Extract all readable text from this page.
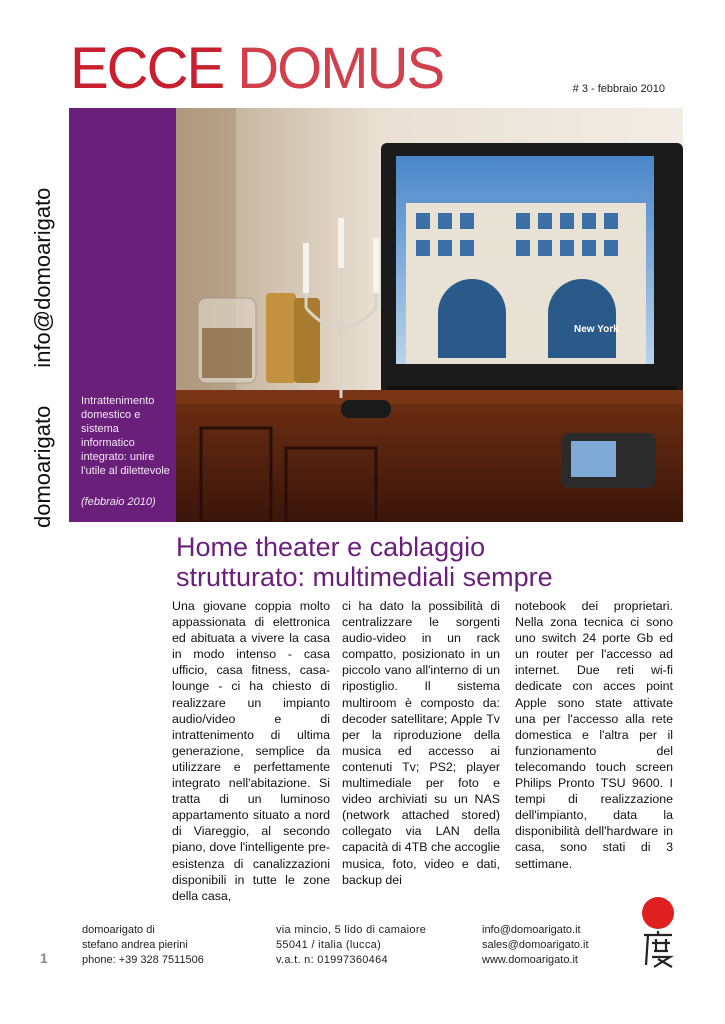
ECCE DOMUS	# 3 - febbraio 2010
domoarigato
info@domoarigato
Intrattenimento domestico e sistema informatico integrato: unire l'utile al dilettevole
(febbraio 2010)
New York
Home theater e cablaggio
strutturato: multimediali sempre

Una giovane coppia molto appassionata di elettronica ed abituata a vivere la casa in modo intenso - casa ufficio, casa fitness, casa-lounge - ci ha chiesto di realizzare un impianto audio/video e di intrattenimento di ultima generazione, semplice da utilizzare e perfettamente integrato nell'abitazione. Si tratta di un luminoso appartamento situato a nord di Viareggio, al secondo piano, dove l'intelligente pre-esistenza di canalizzazioni disponibili in tutte le zone della casa,

ci ha dato la possibilità di centralizzare le sorgenti audio-video in un rack compatto, posizionato in un piccolo vano all'interno di un ripostiglio. Il sistema multiroom è composto da: decoder satellitare; Apple Tv per la riproduzione della musica ed accesso ai contenuti Tv; PS2; player multimediale per foto e video archiviati su un NAS (network attached stored) collegato via LAN della capacità di 4TB che accoglie musica, foto, video e dati, backup dei

notebook dei proprietari. Nella zona tecnica ci sono uno switch 24 porte Gb ed un router per l'accesso ad internet. Due reti wi-fi dedicate con acces point Apple sono state attivate una per l'accesso alla rete domestica e l'altra per il funzionamento del telecomando touch screen Philips Pronto TSU 9600. I tempi di realizzazione dell'impianto, data la disponibilità dell'hardware in casa, sono stati di 3 settimane.

domoarigato di
stefano andrea pierini
phone: +39 328 7511506
via mincio, 5 lido di camaiore
55041 / italia (lucca)
v.a.t. n: 01997360464
info@domoarigato.it
sales@domoarigato.it
www.domoarigato.it
1
